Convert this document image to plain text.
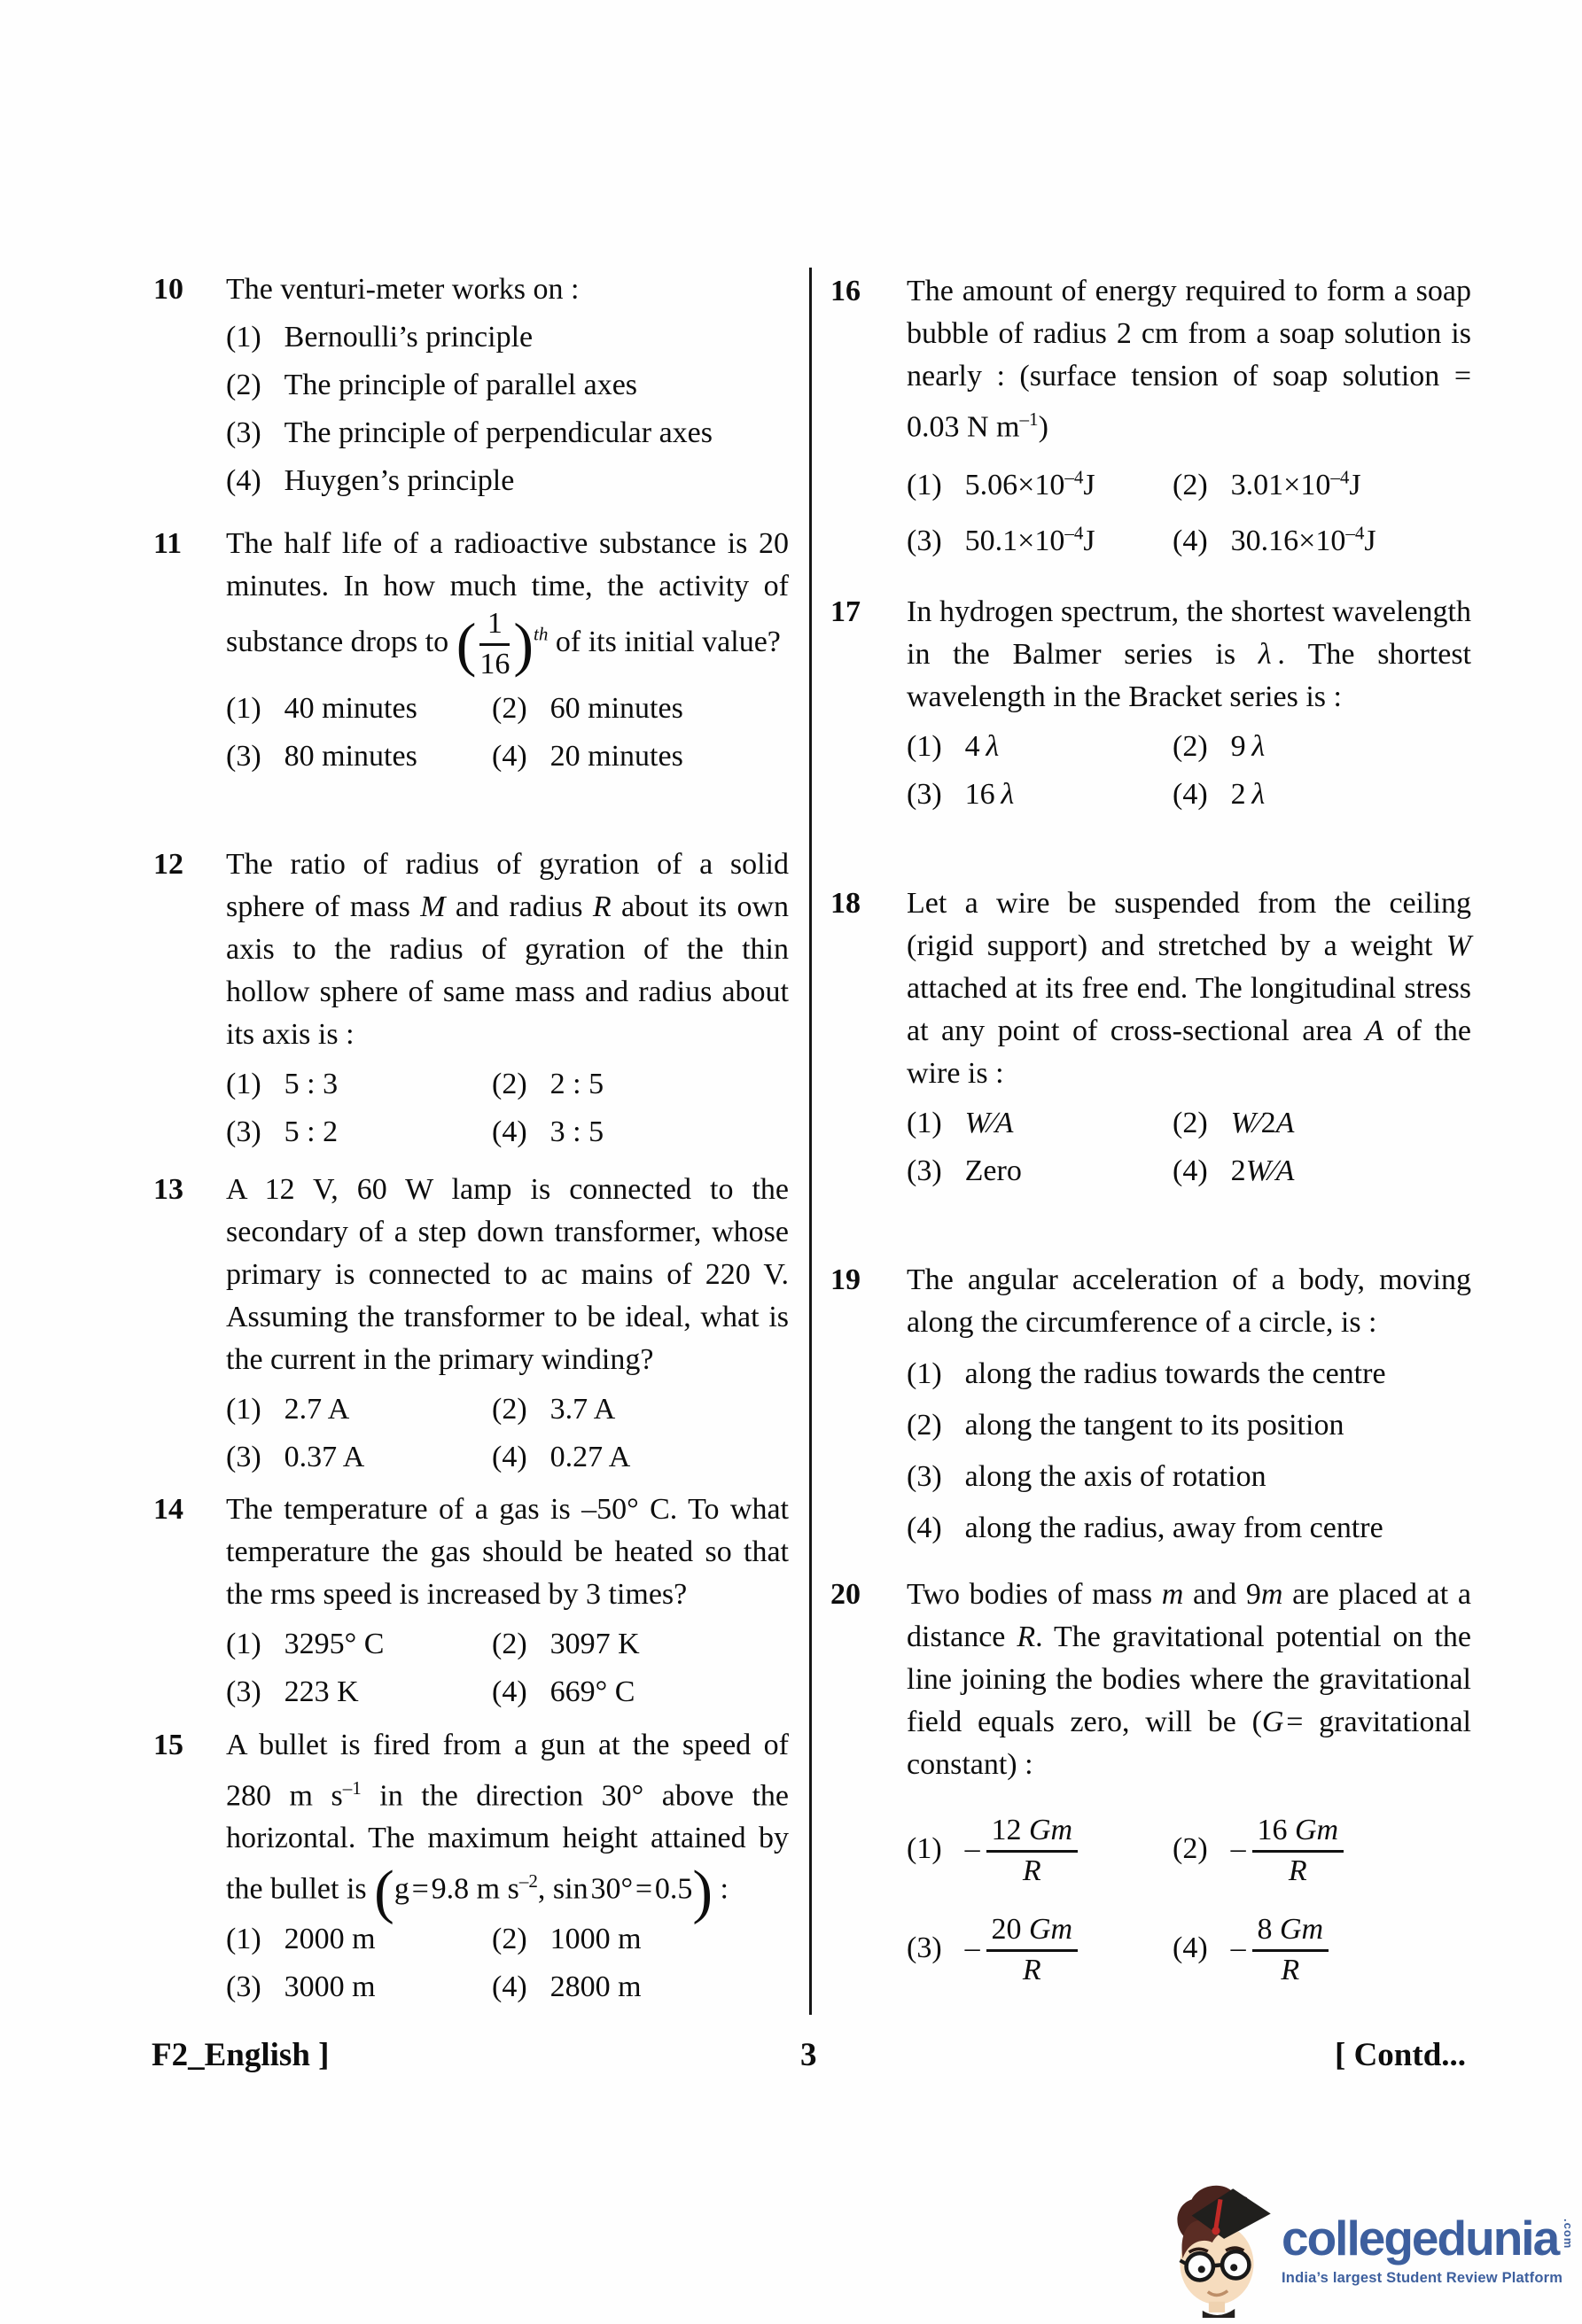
10	The venturi-meter works on :

(1) Bernoulli’s principle
(2) The principle of parallel axes
(3) The principle of perpendicular axes
(4) Huygen’s principle
11	The half life of a radioactive substance is 20 minutes. In how much time, the activity of substance drops to ( $\frac{1}{16} )^{th}$ of its initial value?

(1) 40 minutes	(2) 60 minutes
(3) 80 minutes	(4) 20 minutes
12	The ratio of radius of gyration of a solid sphere of mass M and radius R about its own axis to the radius of gyration of the thin hollow sphere of same mass and radius about its axis is :

(1) 5 : 3	(2) 2 : 5
(3) 5 : 2	(4) 3 : 5
13	A 12 V, 60 W lamp is connected to the secondary of a step down transformer, whose primary is connected to ac mains of 220 V. Assuming the transformer to be ideal, what is the current in the primary winding?

(1) 2.7 A	(2) 3.7 A
(3) 0.37 A	(4) 0.27 A
14	The temperature of a gas is –50° C. To what temperature the gas should be heated so that the rms speed is increased by 3 times?

(1) 3295° C	(2) 3097 K
(3) 223 K	(4) 669° C
15	A bullet is fired from a gun at the speed of 280 m $s^{-1}$ in the direction 30° above the horizontal. The maximum height attained by the bullet is (g = 9.8 m $s^{-2}$, sin 30° = 0.5) :

(1) 2000 m	(2) 1000 m
(3) 3000 m	(4) 2800 m
16	The amount of energy required to form a soap bubble of radius 2 cm from a soap solution is nearly : (surface tension of soap solution = 0.03 N $m^{-1}$)

(1) $5.06\times 10^{-4}J$	(2) $3.01\times 10^{-4}J$
(3) $50.1\times 10^{-4}J$	(4) $30.16\times 10^{-4}J$
17	In hydrogen spectrum, the shortest wavelength in the Balmer series is λ . The shortest wavelength in the Bracket series is :

(1) 4 λ	(2) 9 λ
(3) 16 λ	(4) 2 λ
18	Let a wire be suspended from the ceiling (rigid support) and stretched by a weight W attached at its free end. The longitudinal stress at any point of cross-sectional area A of the wire is :

(1) W∕A	(2) W∕2A
(3) Zero	(4) 2W∕A
19	The angular acceleration of a body, moving along the circumference of a circle, is :

(1) along the radius towards the centre
(2) along the tangent to its position
(3) along the axis of rotation
(4) along the radius, away from centre
20	Two bodies of mass m and 9m are placed at a distance R. The gravitational potential on the line joining the bodies where the gravitational field equals zero, will be (G = gravitational constant) :

(1) –  $\frac{12 Gm}{R}$	(2) –  $\frac{16 Gm}{R}$
(3) –  $\frac{20 Gm}{R}$	(4) –  $\frac{8 Gm}{R}$
F2_English ]	3	[ Contd...
collegedunia .com
India’s largest Student Review Platform
